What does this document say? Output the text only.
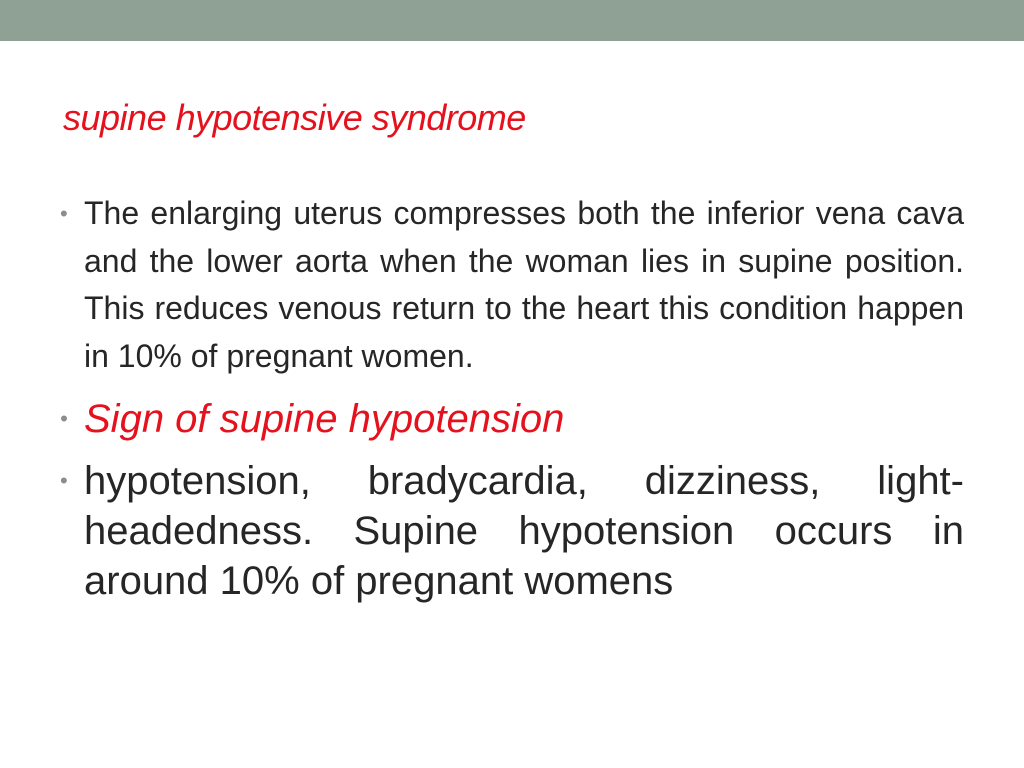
supine hypotensive syndrome
• The enlarging uterus compresses both the inferior vena cava and the lower aorta when the woman lies in supine position. This reduces venous return to the heart this condition happen in 10% of pregnant women.
• Sign of supine hypotension
• hypotension, bradycardia, dizziness, light-headedness. Supine hypotension occurs in around 10% of pregnant womens
